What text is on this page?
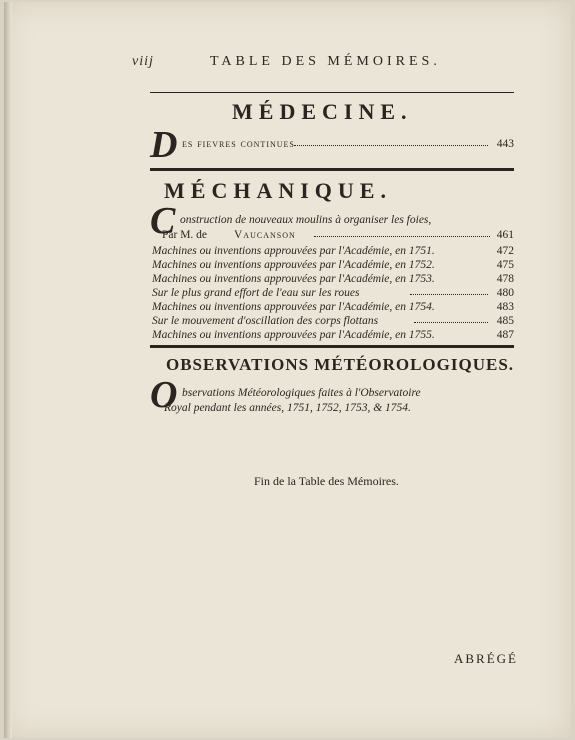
viij	TABLE DES MÉMOIRES.
MÉDECINE.
D es fievres continues	443
MÉCHANIQUE.
C onstruction de nouveaux moulins à organiser les foies,
Par M. de Vaucanson	461
Machines ou inventions approuvées par l'Académie, en 1751.	472
Machines ou inventions approuvées par l'Académie, en 1752.	475
Machines ou inventions approuvées par l'Académie, en 1753.	478
Sur le plus grand effort de l'eau sur les roues	480
Machines ou inventions approuvées par l'Académie, en 1754.	483
Sur le mouvement d'oscillation des corps flottans	485
Machines ou inventions approuvées par l'Académie, en 1755.	487
OBSERVATIONS MÉTÉOROLOGIQUES.
O bservations Météorologiques faites à l'Observatoire
Royal pendant les années, 1751, 1752, 1753, & 1754.
Fin de la Table des Mémoires.
ABRÉGÉ
